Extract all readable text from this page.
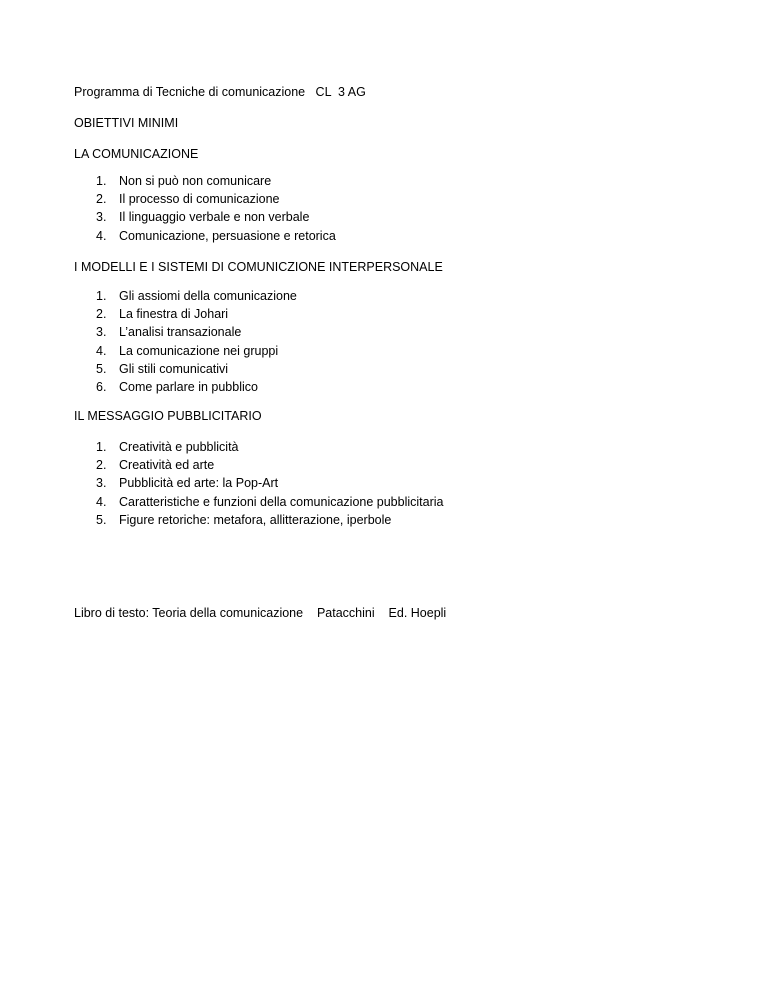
Programma di Tecniche di comunicazione   CL  3 AG
OBIETTIVI MINIMI
LA COMUNICAZIONE
1.	Non si può non comunicare
2.	Il processo di comunicazione
3.	Il linguaggio verbale e non verbale
4.	Comunicazione, persuasione e retorica
I MODELLI E I SISTEMI DI COMUNICZIONE INTERPERSONALE
1.	Gli assiomi della comunicazione
2.	La finestra di Johari
3.	L’analisi transazionale
4.	La comunicazione nei gruppi
5.	Gli stili comunicativi
6.	Come parlare in pubblico
IL MESSAGGIO PUBBLICITARIO
1.	Creatività e pubblicità
2.	Creatività ed arte
3.	Pubblicità ed arte: la Pop-Art
4.	Caratteristiche e funzioni della comunicazione pubblicitaria
5.	Figure retoriche: metafora, allitterazione, iperbole
Libro di testo: Teoria della comunicazione    Patacchini    Ed. Hoepli
